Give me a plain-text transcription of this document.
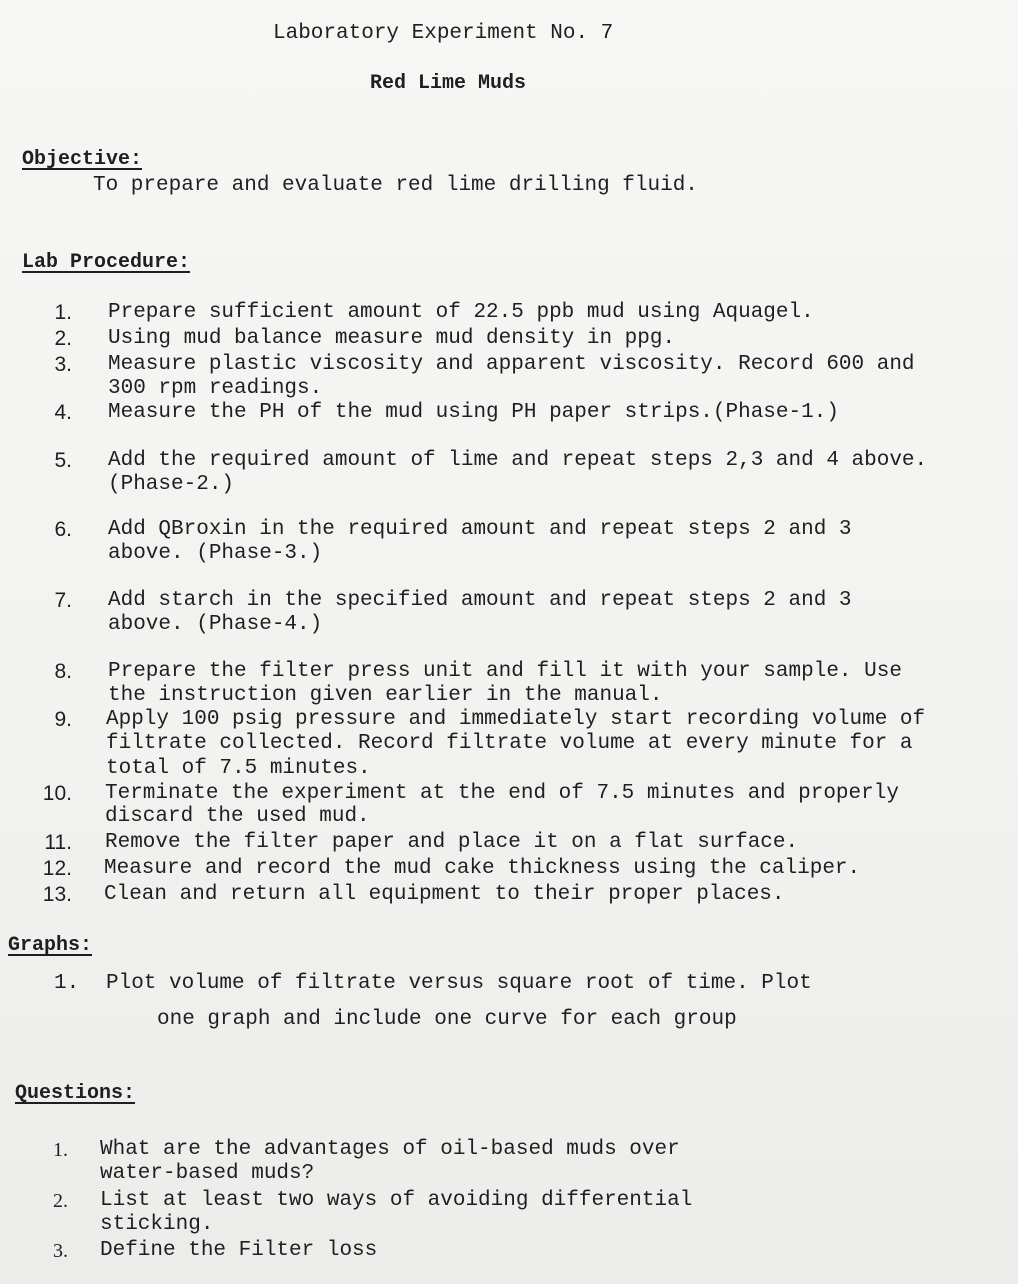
Laboratory Experiment No. 7
Red Lime Muds
Objective:
To prepare and evaluate red lime drilling fluid.
Lab Procedure:
1. Prepare sufficient amount of 22.5 ppb mud using Aquagel.
2. Using mud balance measure mud density in ppg.
3. Measure plastic viscosity and apparent viscosity. Record 600 and
300 rpm readings.
4. Measure the PH of the mud using PH paper strips.(Phase-1.)
5. Add the required amount of lime and repeat steps 2,3 and 4 above.
(Phase-2.)
6. Add QBroxin in the required amount and repeat steps 2 and 3
above. (Phase-3.)
7. Add starch in the specified amount and repeat steps 2 and 3
above. (Phase-4.)
8. Prepare the filter press unit and fill it with your sample. Use
the instruction given earlier in the manual.
9. Apply 100 psig pressure and immediately start recording volume of
filtrate collected. Record filtrate volume at every minute for a
total of 7.5 minutes.
10. Terminate the experiment at the end of 7.5 minutes and properly
discard the used mud.
11. Remove the filter paper and place it on a flat surface.
12. Measure and record the mud cake thickness using the caliper.
13. Clean and return all equipment to their proper places.
Graphs:
1. Plot volume of filtrate versus square root of time. Plot
one graph and include one curve for each group
Questions:
1. What are the advantages of oil-based muds over
water-based muds?
2. List at least two ways of avoiding differential
sticking.
3. Define the Filter loss
